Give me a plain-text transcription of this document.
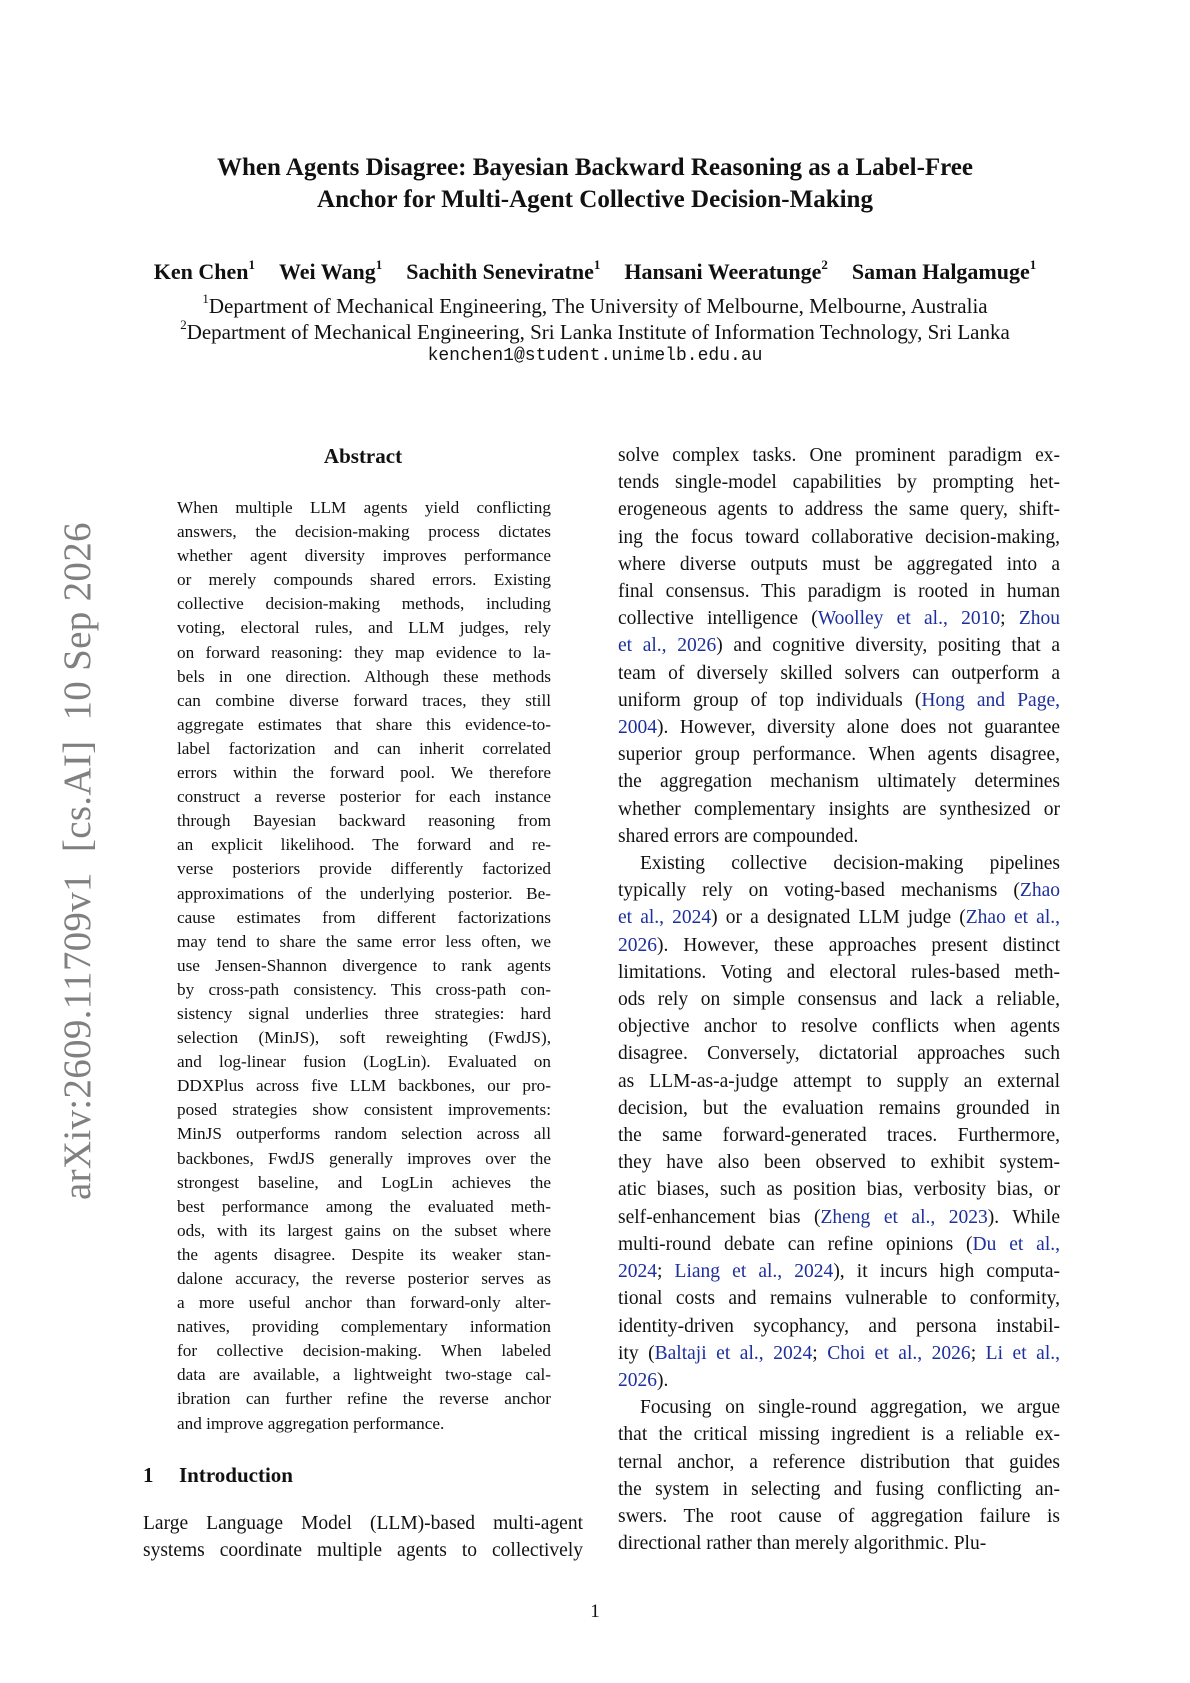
When Agents Disagree: Bayesian Backward Reasoning as a Label-Free
Anchor for Multi-Agent Collective Decision-Making
Ken Chen$^1$ Wei Wang$^1$ Sachith Seneviratne$^1$ Hansani Weeratunge$^2$ Saman Halgamuge$^1$
$^1$Department of Mechanical Engineering, The University of Melbourne, Melbourne, Australia
$^2$Department of Mechanical Engineering, Sri Lanka Institute of Information Technology, Sri Lanka
kenchen1@student.unimelb.edu.au
arXiv:2609.11709v1  [cs.AI]  10 Sep 2026
Abstract
When multiple LLM agents yield conflicting
answers, the decision-making process dictates
whether agent diversity improves performance
or merely compounds shared errors. Existing
collective decision-making methods, including
voting, electoral rules, and LLM judges, rely
on forward reasoning: they map evidence to la-
bels in one direction. Although these methods
can combine diverse forward traces, they still
aggregate estimates that share this evidence-to-
label factorization and can inherit correlated
errors within the forward pool. We therefore
construct a reverse posterior for each instance
through Bayesian backward reasoning from
an explicit likelihood. The forward and re-
verse posteriors provide differently factorized
approximations of the underlying posterior. Be-
cause estimates from different factorizations
may tend to share the same error less often, we
use Jensen-Shannon divergence to rank agents
by cross-path consistency. This cross-path con-
sistency signal underlies three strategies: hard
selection (MinJS), soft reweighting (FwdJS),
and log-linear fusion (LogLin). Evaluated on
DDXPlus across five LLM backbones, our pro-
posed strategies show consistent improvements:
MinJS outperforms random selection across all
backbones, FwdJS generally improves over the
strongest baseline, and LogLin achieves the
best performance among the evaluated meth-
ods, with its largest gains on the subset where
the agents disagree. Despite its weaker stan-
dalone accuracy, the reverse posterior serves as
a more useful anchor than forward-only alter-
natives, providing complementary information
for collective decision-making. When labeled
data are available, a lightweight two-stage cal-
ibration can further refine the reverse anchor
and improve aggregation performance.
1 Introduction
Large Language Model (LLM)-based multi-agent
systems coordinate multiple agents to collectively
solve complex tasks. One prominent paradigm ex-
tends single-model capabilities by prompting het-
erogeneous agents to address the same query, shift-
ing the focus toward collaborative decision-making,
where diverse outputs must be aggregated into a
final consensus. This paradigm is rooted in human
collective intelligence (Woolley et al., 2010; Zhou
et al., 2026) and cognitive diversity, positing that a
team of diversely skilled solvers can outperform a
uniform group of top individuals (Hong and Page,
2004). However, diversity alone does not guarantee
superior group performance. When agents disagree,
the aggregation mechanism ultimately determines
whether complementary insights are synthesized or
shared errors are compounded.
Existing collective decision-making pipelines
typically rely on voting-based mechanisms (Zhao
et al., 2024) or a designated LLM judge (Zhao et al.,
2026). However, these approaches present distinct
limitations. Voting and electoral rules-based meth-
ods rely on simple consensus and lack a reliable,
objective anchor to resolve conflicts when agents
disagree. Conversely, dictatorial approaches such
as LLM-as-a-judge attempt to supply an external
decision, but the evaluation remains grounded in
the same forward-generated traces. Furthermore,
they have also been observed to exhibit system-
atic biases, such as position bias, verbosity bias, or
self-enhancement bias (Zheng et al., 2023). While
multi-round debate can refine opinions (Du et al.,
2024; Liang et al., 2024), it incurs high computa-
tional costs and remains vulnerable to conformity,
identity-driven sycophancy, and persona instabil-
ity (Baltaji et al., 2024; Choi et al., 2026; Li et al.,
2026).
Focusing on single-round aggregation, we argue
that the critical missing ingredient is a reliable ex-
ternal anchor, a reference distribution that guides
the system in selecting and fusing conflicting an-
swers. The root cause of aggregation failure is
directional rather than merely algorithmic. Plu-
1
